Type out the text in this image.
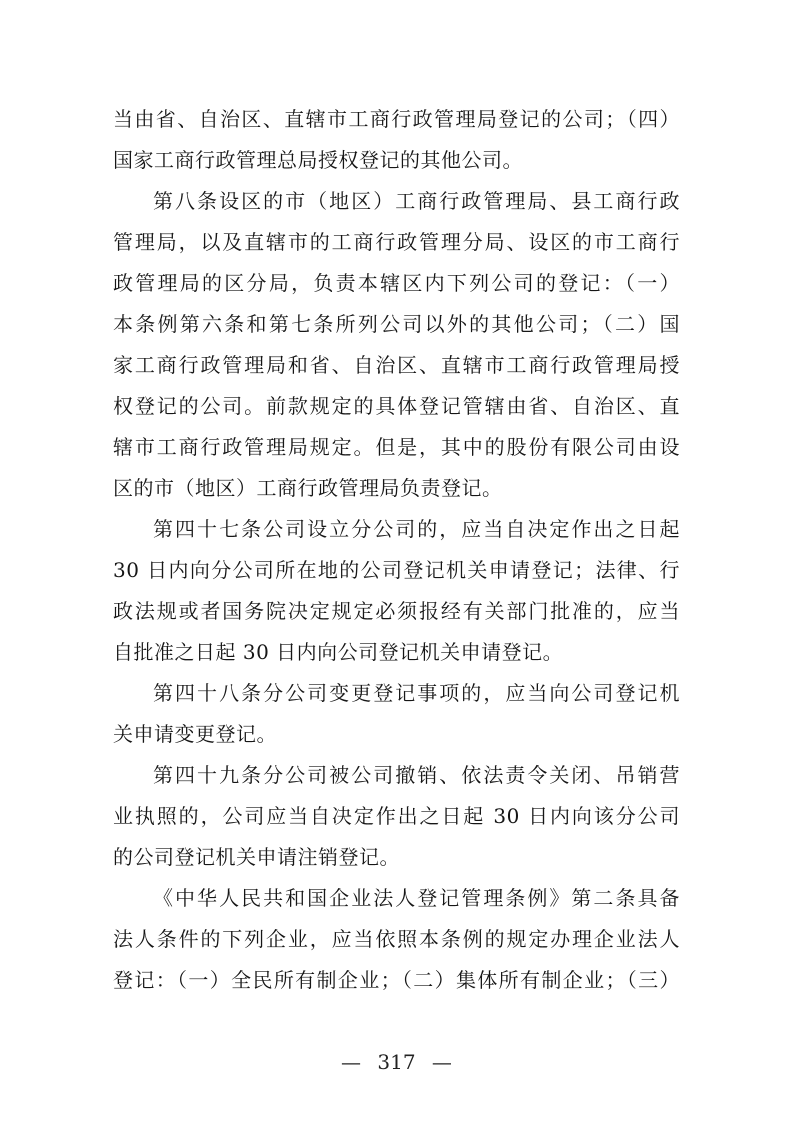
当由省、自治区、直辖市工商行政管理局登记的公司；（四）
国家工商行政管理总局授权登记的其他公司。
第八条设区的市（地区）工商行政管理局、县工商行政
管理局，以及直辖市的工商行政管理分局、设区的市工商行
政管理局的区分局，负责本辖区内下列公司的登记：（一）
本条例第六条和第七条所列公司以外的其他公司；（二）国
家工商行政管理局和省、自治区、直辖市工商行政管理局授
权登记的公司。前款规定的具体登记管辖由省、自治区、直
辖市工商行政管理局规定。但是，其中的股份有限公司由设
区的市（地区）工商行政管理局负责登记。
第四十七条公司设立分公司的，应当自决定作出之日起
30 日内向分公司所在地的公司登记机关申请登记；法律、行
政法规或者国务院决定规定必须报经有关部门批准的，应当
自批准之日起 30 日内向公司登记机关申请登记。
第四十八条分公司变更登记事项的，应当向公司登记机
关申请变更登记。
第四十九条分公司被公司撤销、依法责令关闭、吊销营
业执照的，公司应当自决定作出之日起 30 日内向该分公司
的公司登记机关申请注销登记。
《中华人民共和国企业法人登记管理条例》第二条具备
法人条件的下列企业，应当依照本条例的规定办理企业法人
登记：（一）全民所有制企业；（二）集体所有制企业；（三）
— 317 —
